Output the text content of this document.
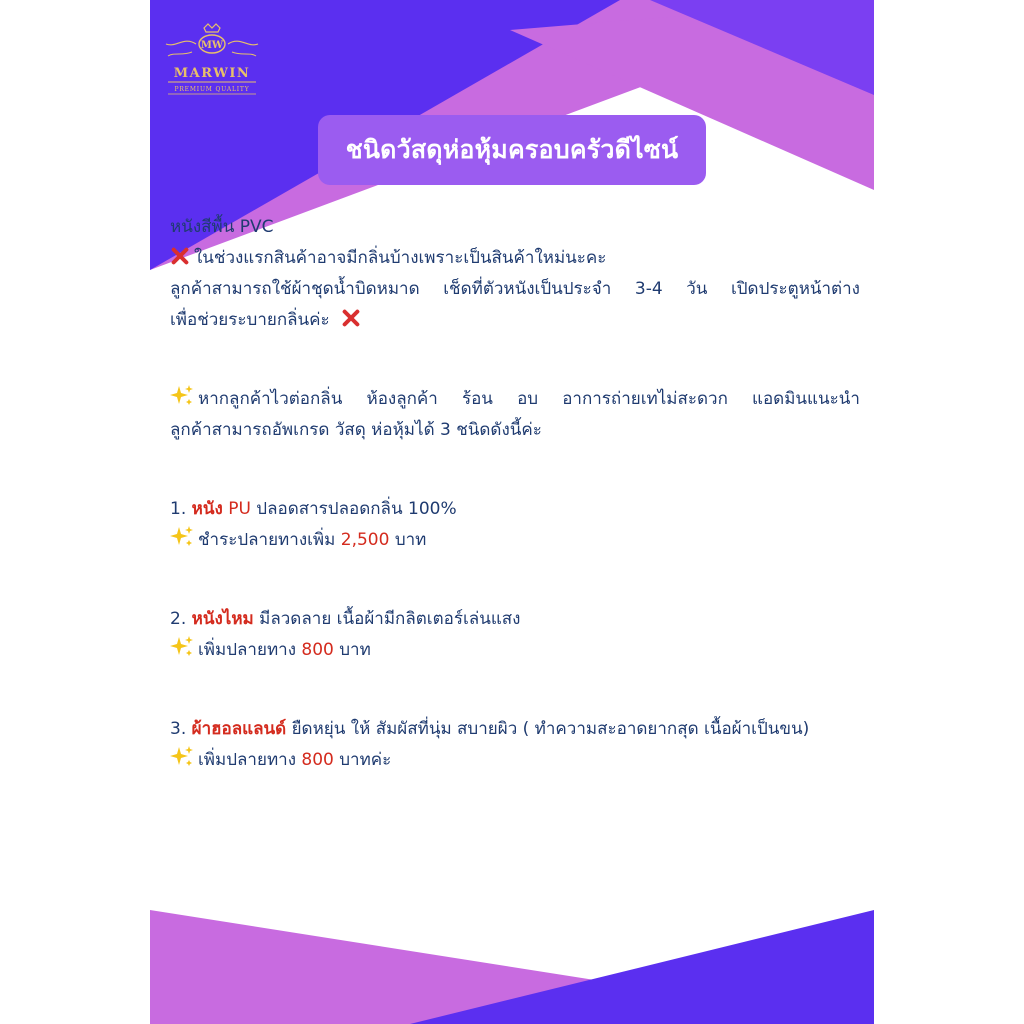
MW
MARWIN
PREMIUM QUALITY
ชนิดวัสดุห่อหุ้มครอบครัวดีไซน์
หนังสีพื้น PVC
ในช่วงแรกสินค้าอาจมีกลิ่นบ้างเพราะเป็นสินค้าใหม่นะคะ
ลูกค้าสามารถใช้ผ้าชุดน้ำบิดหมาด เช็ดที่ตัวหนังเป็นประจำ 3-4 วัน เปิดประตูหน้าต่าง
เพื่อช่วยระบายกลิ่นค่ะ
หากลูกค้าไวต่อกลิ่น ห้องลูกค้า ร้อน อบ อาการถ่ายเทไม่สะดวก แอดมินแนะนำ
ลูกค้าสามารถอัพเกรด วัสดุ ห่อหุ้มได้ 3 ชนิดดังนี้ค่ะ
1. หนัง PU ปลอดสารปลอดกลิ่น 100%
ชำระปลายทางเพิ่ม 2,500 บาท
2. หนังไหม มีลวดลาย เนื้อผ้ามีกลิตเตอร์เล่นแสง
เพิ่มปลายทาง 800 บาท
3. ผ้าฮอลแลนด์ ยืดหยุ่น ให้ สัมผัสที่นุ่ม สบายผิว ( ทำความสะอาดยากสุด เนื้อผ้าเป็นขน)
เพิ่มปลายทาง 800 บาทค่ะ
